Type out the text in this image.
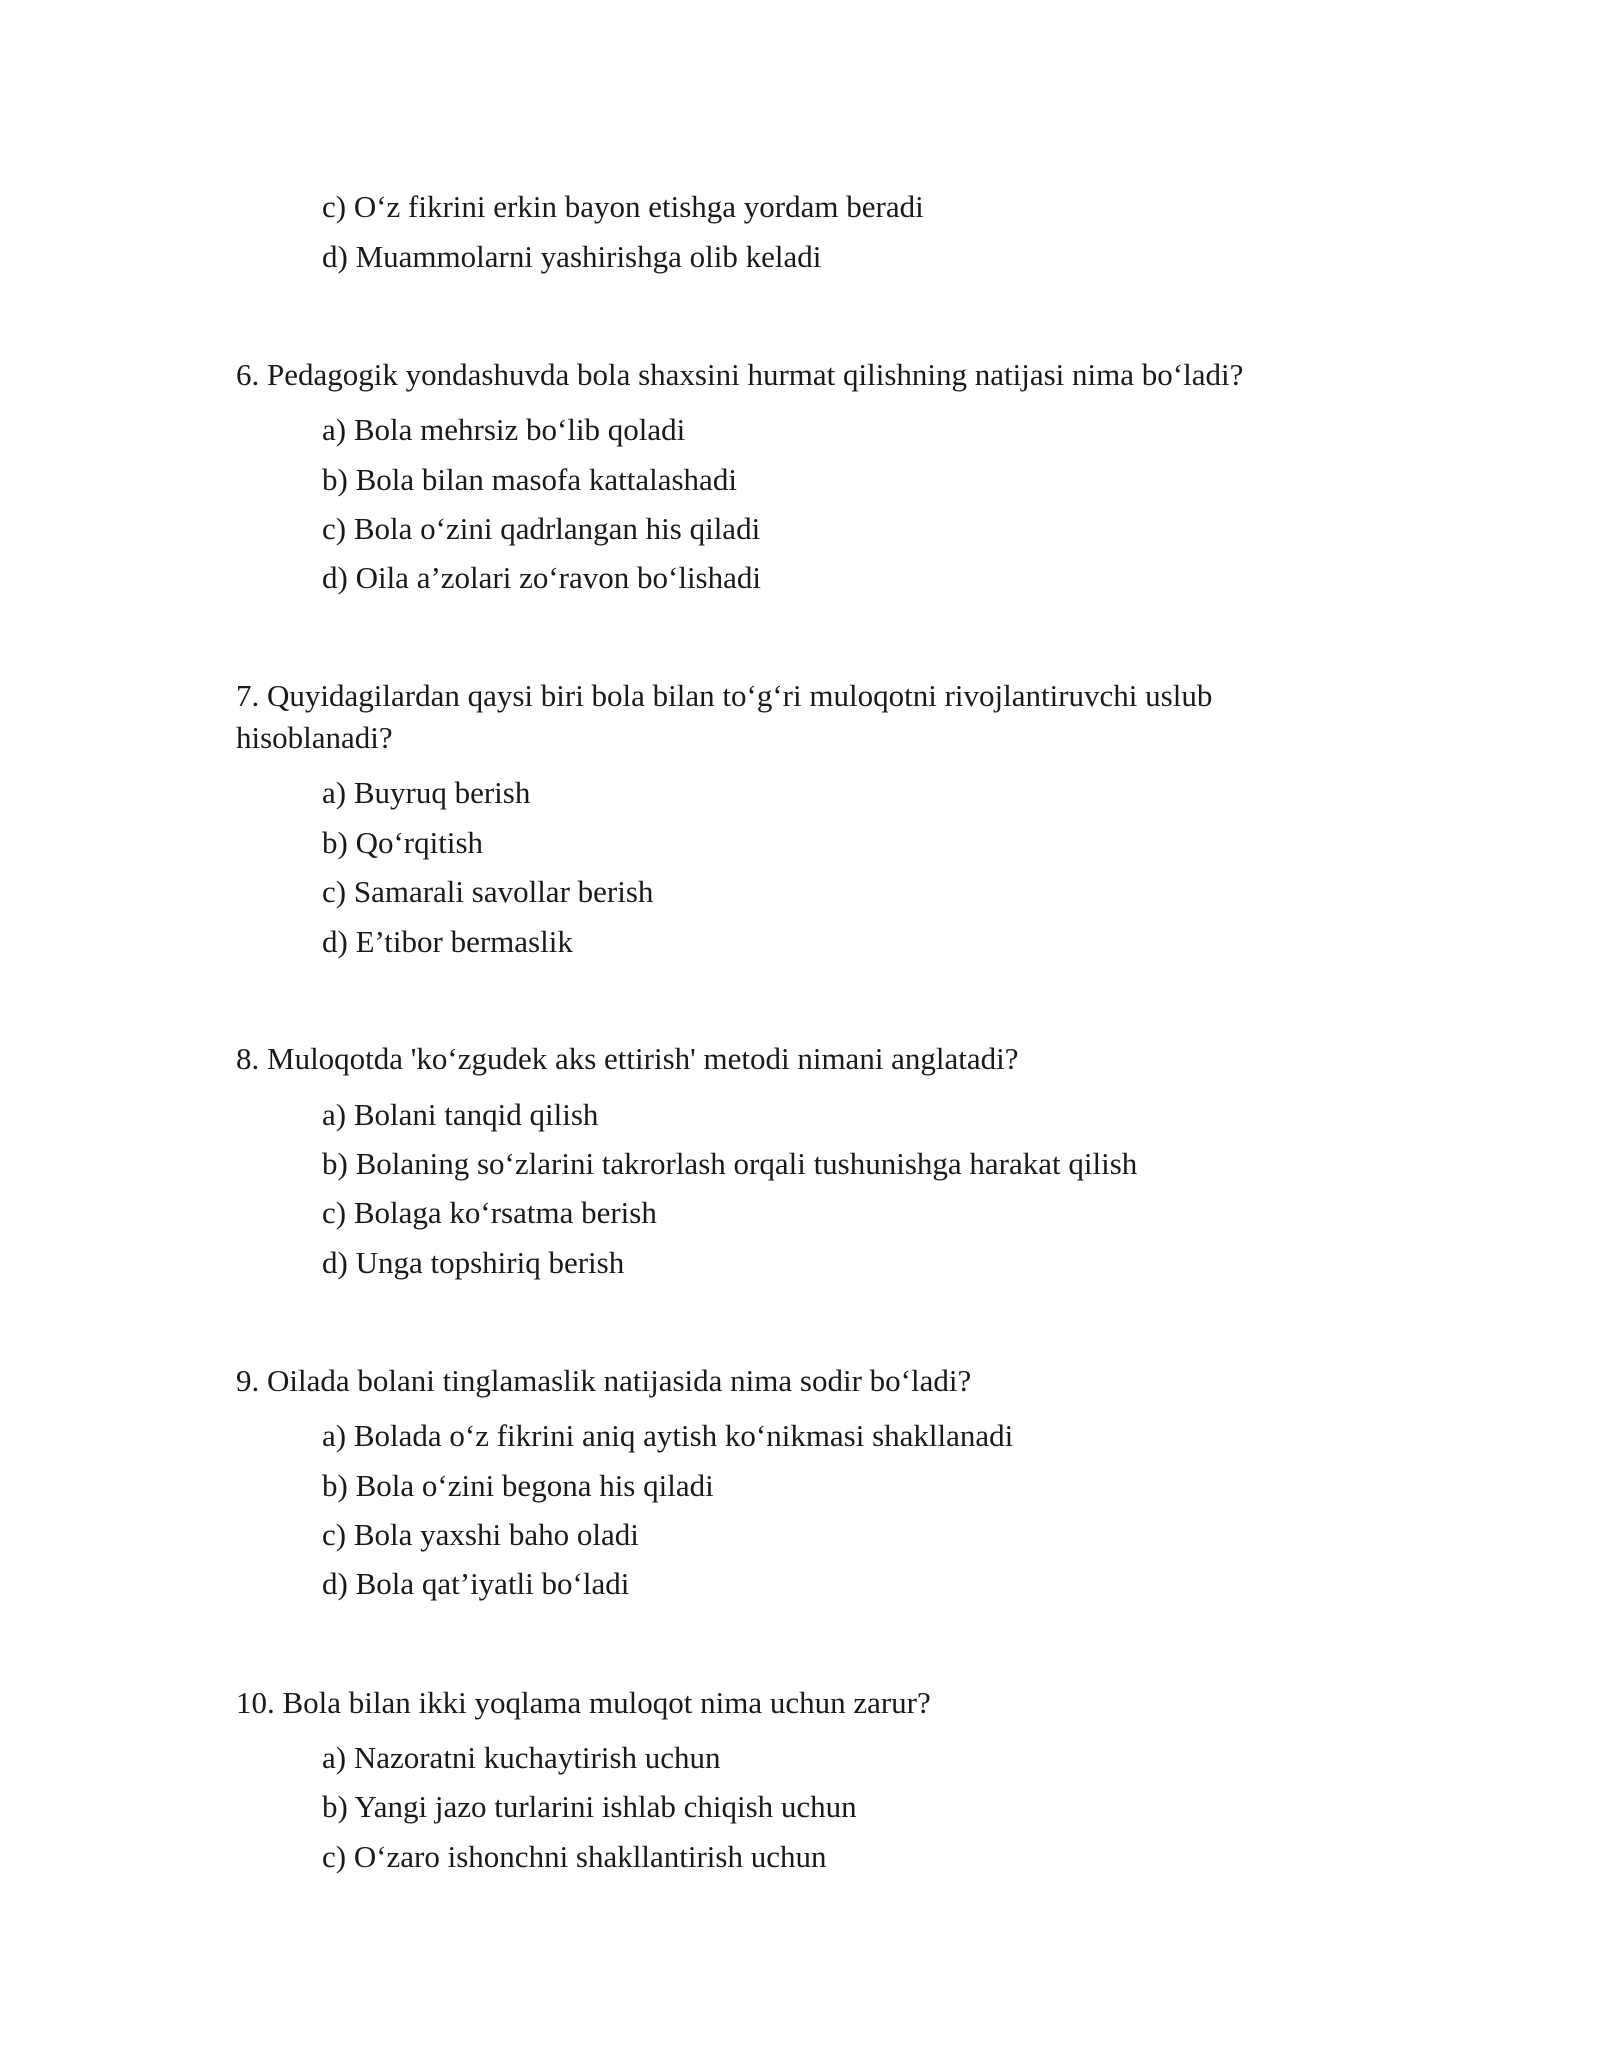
c) O‘z fikrini erkin bayon etishga yordam beradi
d) Muammolarni yashirishga olib keladi
6. Pedagogik yondashuvda bola shaxsini hurmat qilishning natijasi nima bo‘ladi?
a) Bola mehrsiz bo‘lib qoladi
b) Bola bilan masofa kattalashadi
c) Bola o‘zini qadrlangan his qiladi
d) Oila a’zolari zo‘ravon bo‘lishadi
7. Quyidagilardan qaysi biri bola bilan to‘g‘ri muloqotni rivojlantiruvchi uslub hisoblanadi?
a) Buyruq berish
b) Qo‘rqitish
c) Samarali savollar berish
d) E’tibor bermaslik
8. Muloqotda 'ko‘zgudek aks ettirish' metodi nimani anglatadi?
a) Bolani tanqid qilish
b) Bolaning so‘zlarini takrorlash orqali tushunishga harakat qilish
c) Bolaga ko‘rsatma berish
d) Unga topshiriq berish
9. Oilada bolani tinglamaslik natijasida nima sodir bo‘ladi?
a) Bolada o‘z fikrini aniq aytish ko‘nikmasi shakllanadi
b) Bola o‘zini begona his qiladi
c) Bola yaxshi baho oladi
d) Bola qat’iyatli bo‘ladi
10. Bola bilan ikki yoqlama muloqot nima uchun zarur?
a) Nazoratni kuchaytirish uchun
b) Yangi jazo turlarini ishlab chiqish uchun
c) O‘zaro ishonchni shakllantirish uchun
